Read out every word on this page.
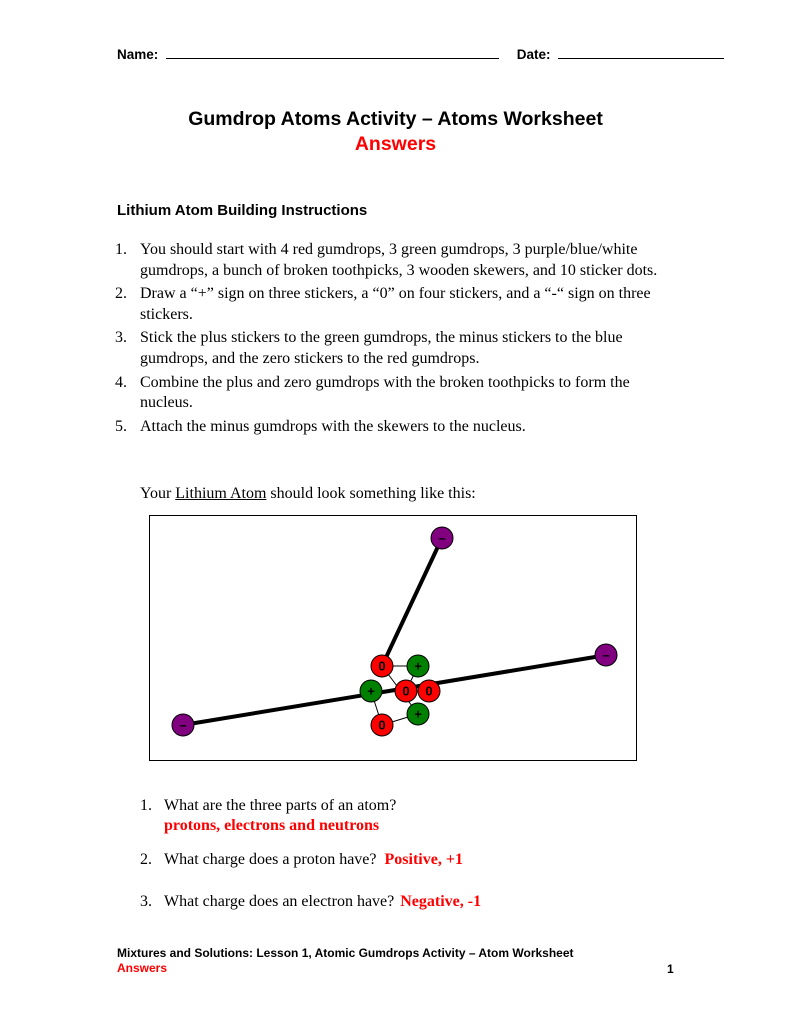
Name:	Date:
Gumdrop Atoms Activity – Atoms Worksheet
Answers
Lithium Atom Building Instructions
1. You should start with 4 red gumdrops, 3 green gumdrops, 3 purple/blue/white gumdrops, a bunch of broken toothpicks, 3 wooden skewers, and 10 sticker dots.
2. Draw a “+” sign on three stickers, a “0” on four stickers, and a “-“ sign on three stickers.
3. Stick the plus stickers to the green gumdrops, the minus stickers to the blue gumdrops, and the zero stickers to the red gumdrops.
4. Combine the plus and zero gumdrops with the broken toothpicks to form the nucleus.
5. Attach the minus gumdrops with the skewers to the nucleus.
Your Lithium Atom should look something like this:
–
–
–
+
+
+
0
0 0
0
1. What are the three parts of an atom?
protons, electrons and neutrons
2. What charge does a proton have? Positive, +1
3. What charge does an electron have? Negative, -1
Mixtures and Solutions: Lesson 1, Atomic Gumdrops Activity – Atom Worksheet
Answers	1
